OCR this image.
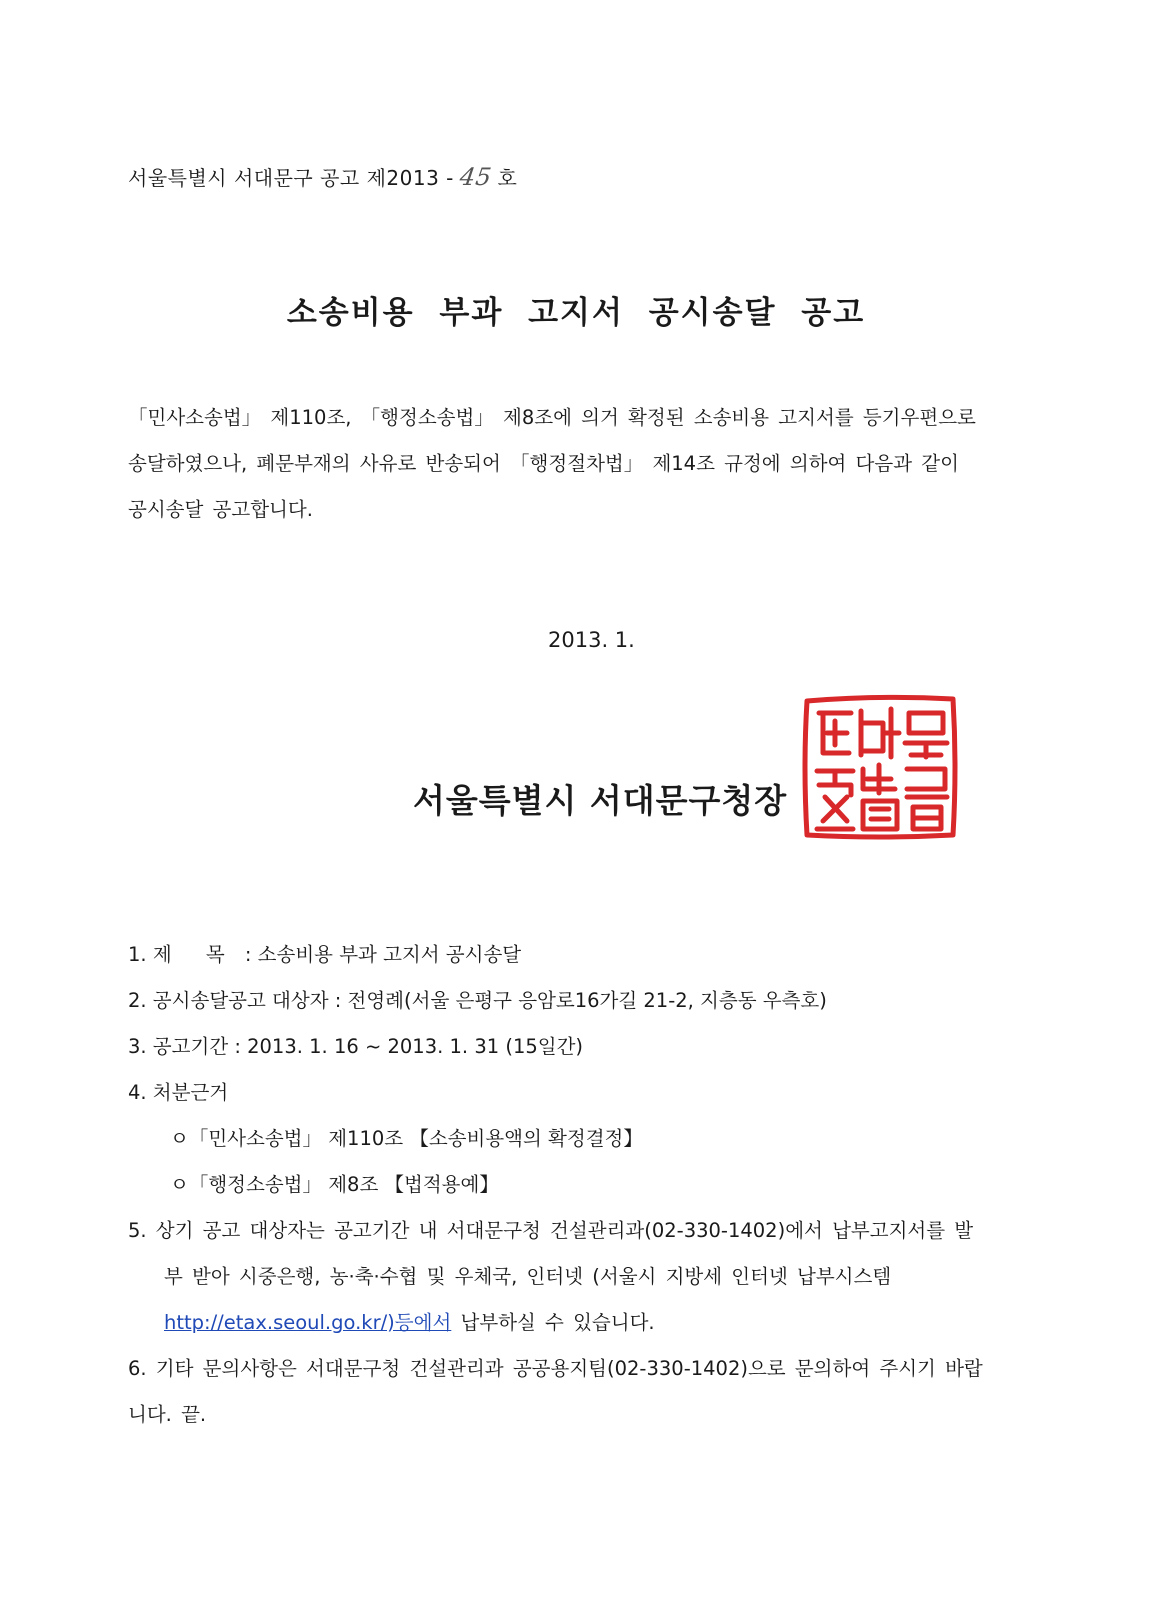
서울특별시 서대문구 공고 제2013 - 45 호
소송비용 부과 고지서 공시송달 공고

「민사소송법」 제110조, 「행정소송법」 제8조에 의거 확정된 소송비용 고지서를 등기우편으로

송달하였으나, 폐문부재의 사유로 반송되어 「행정절차법」 제14조 규정에 의하여 다음과 같이

공시송달 공고합니다.

2013. 1.
서울특별시 서대문구청장
1. 제 목 : 소송비용 부과 고지서 공시송달
2. 공시송달공고 대상자 : 전영례(서울 은평구 응암로16가길 21-2, 지층동 우측호)
3. 공고기간 : 2013. 1. 16 ~ 2013. 1. 31 (15일간)
4. 처분근거
ㅇ「민사소송법」 제110조 【소송비용액의 확정결정】
ㅇ「행정소송법」 제8조 【법적용예】
5. 상기 공고 대상자는 공고기간 내 서대문구청 건설관리과(02-330-1402)에서 납부고지서를 발
부 받아 시중은행, 농·축·수협 및 우체국, 인터넷 (서울시 지방세 인터넷 납부시스템
http://etax.seoul.go.kr/)등에서 납부하실 수 있습니다.
6. 기타 문의사항은 서대문구청 건설관리과 공공용지팀(02-330-1402)으로 문의하여 주시기 바랍
니다. 끝.
